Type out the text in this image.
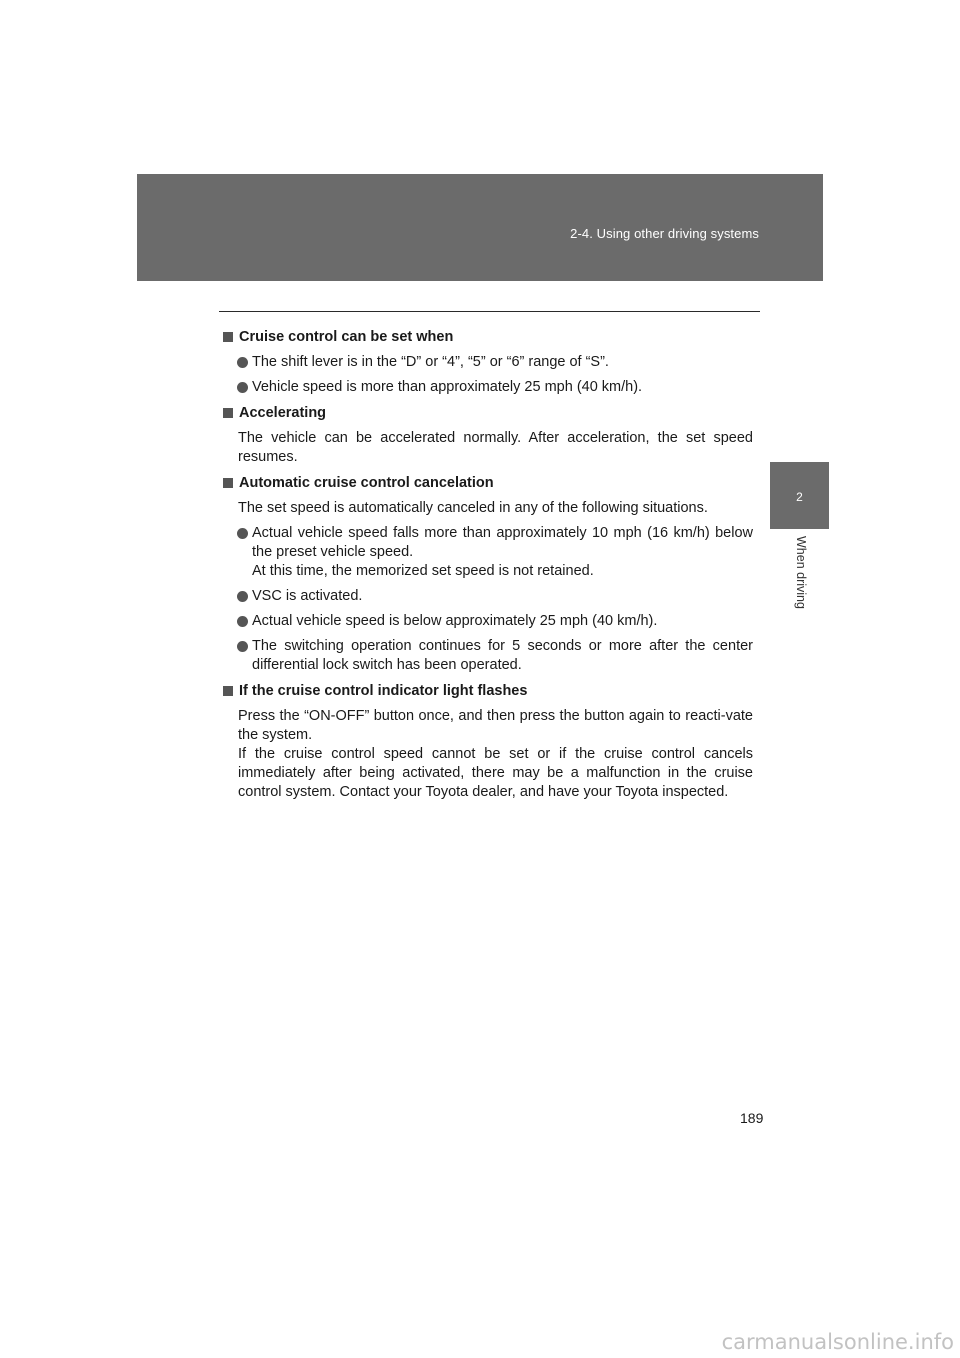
2-4. Using other driving systems
2
When driving

Cruise control can be set when

The shift lever is in the “D” or “4”, “5” or “6” range of “S”.

Vehicle speed is more than approximately 25 mph (40 km/h).

Accelerating

The vehicle can be accelerated normally. After acceleration, the set speed resumes.

Automatic cruise control cancelation

The set speed is automatically canceled in any of the following situations.

Actual vehicle speed falls more than approximately 10 mph (16 km/h) below the preset vehicle speed.
At this time, the memorized set speed is not retained.

VSC is activated.

Actual vehicle speed is below approximately 25 mph (40 km/h).

The switching operation continues for 5 seconds or more after the center differential lock switch has been operated.

If the cruise control indicator light flashes

Press the “ON-OFF” button once, and then press the button again to reacti-vate the system.

If the cruise control speed cannot be set or if the cruise control cancels immediately after being activated, there may be a malfunction in the cruise control system. Contact your Toyota dealer, and have your Toyota inspected.

189
carmanualsonline.info
